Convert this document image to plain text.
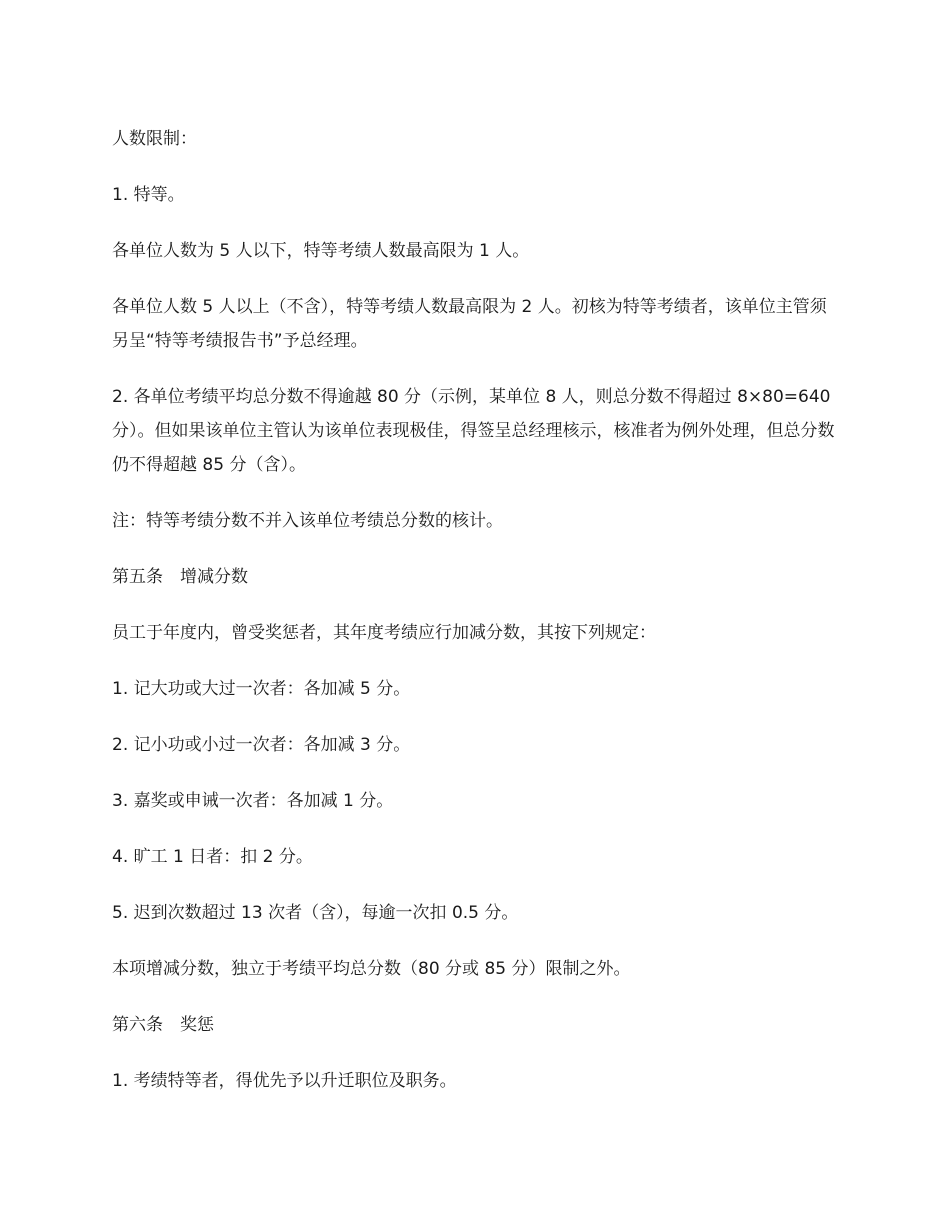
人数限制：

1. 特等。

各单位人数为 5 人以下，特等考绩人数最高限为 1 人。

各单位人数 5 人以上（不含），特等考绩人数最高限为 2 人。初核为特等考绩者，该单位主管须另呈“特等考绩报告书”予总经理。

2. 各单位考绩平均总分数不得逾越 80 分（示例，某单位 8 人，则总分数不得超过 8×80=640 分）。但如果该单位主管认为该单位表现极佳，得签呈总经理核示，核准者为例外处理，但总分数仍不得超越 85 分（含）。

注：特等考绩分数不并入该单位考绩总分数的核计。

第五条　增减分数

员工于年度内，曾受奖惩者，其年度考绩应行加减分数，其按下列规定：

1. 记大功或大过一次者：各加减 5 分。

2. 记小功或小过一次者：各加减 3 分。

3. 嘉奖或申诫一次者：各加减 1 分。

4. 旷工 1 日者：扣 2 分。

5. 迟到次数超过 13 次者（含），每逾一次扣 0.5 分。

本项增减分数，独立于考绩平均总分数（80 分或 85 分）限制之外。

第六条　奖惩

1. 考绩特等者，得优先予以升迁职位及职务。
